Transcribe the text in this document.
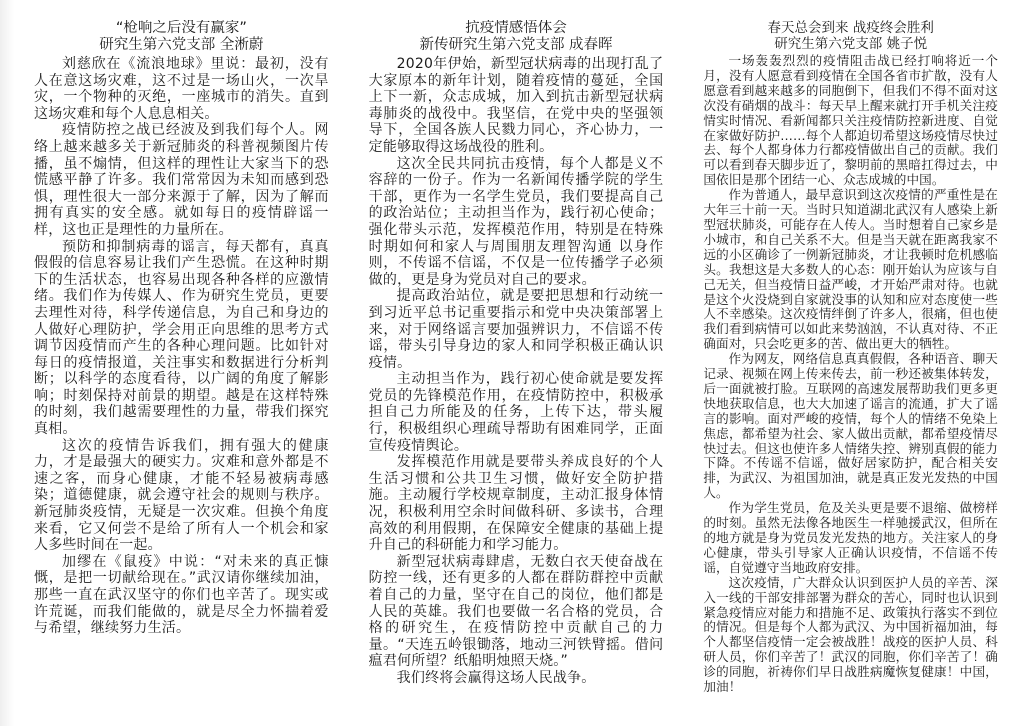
“枪响之后没有赢家”
研究生第六党支部 全淅蔚

刘慈欣在《流浪地球》里说：最初，没有人在意这场灾难，这不过是一场山火，一次旱灾，一个物种的灭绝，一座城市的消失。直到这场灾难和每个人息息相关。

疫情防控之战已经波及到我们每个人。网络上越来越多关于新冠肺炎的科普视频图片传播，虽不煽情，但这样的理性让大家当下的恐慌感平静了许多。我们常常因为未知而感到恐惧，理性很大一部分来源于了解，因为了解而拥有真实的安全感。就如每日的疫情辟谣一样，这也正是理性的力量所在。

预防和抑制病毒的谣言，每天都有，真真假假的信息容易让我们产生恐慌。在这种时期下的生活状态，也容易出现各种各样的应激情绪。我们作为传媒人、作为研究生党员，更要去理性对待，科学传递信息，为自己和身边的人做好心理防护，学会用正向思维的思考方式调节因疫情而产生的各种心理问题。比如针对每日的疫情报道，关注事实和数据进行分析判断；以科学的态度看待，以广阔的角度了解影响；时刻保持对前景的期望。越是在这样特殊的时刻，我们越需要理性的力量，带我们探究真相。

这次的疫情告诉我们，拥有强大的健康力，才是最强大的硬实力。灾难和意外都是不速之客，而身心健康，才能不轻易被病毒感染；道德健康，就会遵守社会的规则与秩序。新冠肺炎疫情，无疑是一次灾难。但换个角度来看，它又何尝不是给了所有人一个机会和家人多些时间在一起。

加缪在《鼠疫》中说：“对未来的真正慷慨，是把一切献给现在。”武汉请你继续加油，那些一直在武汉坚守的你们也辛苦了。现实或许荒诞，而我们能做的，就是尽全力怀揣着爱与希望，继续努力生活。

抗疫情感悟体会
新传研究生第六党支部 成春晖

2020年伊始，新型冠状病毒的出现打乱了大家原本的新年计划，随着疫情的蔓延，全国上下一新，众志成城，加入到抗击新型冠状病毒肺炎的战役中。我坚信，在党中央的坚强领导下，全国各族人民戮力同心，齐心协力，一定能够取得这场战役的胜利。

这次全民共同抗击疫情，每个人都是义不容辞的一份子。作为一名新闻传播学院的学生干部，更作为一名学生党员，我们要提高自己的政治站位；主动担当作为，践行初心使命；强化带头示范，发挥模范作用，特别是在特殊时期如何和家人与周围朋友理智沟通 以身作则，不传谣不信谣，不仅是一位传播学子必须做的，更是身为党员对自己的要求。

提高政治站位，就是要把思想和行动统一到习近平总书记重要指示和党中央决策部署上来，对于网络谣言要加强辨识力，不信谣不传谣，带头引导身边的家人和同学积极正确认识疫情。

主动担当作为，践行初心使命就是要发挥党员的先锋模范作用，在疫情防控中，积极承担自己力所能及的任务，上传下达，带头履行，积极组织心理疏导帮助有困难同学，正面宣传疫情舆论。

发挥模范作用就是要带头养成良好的个人生活习惯和公共卫生习惯，做好安全防护措施。主动履行学校规章制度，主动汇报身体情况，积极利用空余时间做科研、多读书，合理高效的利用假期，在保障安全健康的基础上提升自己的科研能力和学习能力。

新型冠状病毒肆虐，无数白衣天使奋战在防控一线，还有更多的人都在群防群控中贡献着自己的力量，坚守在自己的岗位，他们都是人民的英雄。我们也要做一名合格的党员，合格的研究生，在疫情防控中贡献自己的力量。“天连五岭银锄落，地动三河铁臂摇。借问瘟君何所望？纸船明烛照天烧。”

我们终将会赢得这场人民战争。

春天总会到来 战疫终会胜利
研究生第六党支部 姚子悦

一场轰轰烈烈的疫情阻击战已经打响将近一个月，没有人愿意看到疫情在全国各省市扩散，没有人愿意看到越来越多的同胞倒下，但我们不得不面对这次没有硝烟的战斗：每天早上醒来就打开手机关注疫情实时情况、看新闻都只关注疫情防控新进度、自觉在家做好防护……每个人都迫切希望这场疫情尽快过去、每个人都身体力行都疫情做出自己的贡献。我们可以看到春天脚步近了，黎明前的黑暗扛得过去，中国依旧是那个团结一心、众志成城的中国。

作为普通人，最早意识到这次疫情的严重性是在大年三十前一天。当时只知道湖北武汉有人感染上新型冠状肺炎，可能存在人传人。当时想着自己家乡是小城市，和自己关系不大。但是当天就在距离我家不远的小区确诊了一例新冠肺炎，才让我顿时危机感临头。我想这是大多数人的心态：刚开始认为应该与自己无关，但当疫情日益严峻，才开始严肃对待。也就是这个火没烧到自家就没事的认知和应对态度使一些人不幸感染。这次疫情绊倒了许多人，很痛，但也使我们看到病情可以如此来势汹汹，不认真对待、不正确面对，只会吃更多的苦、做出更大的牺牲。

作为网友，网络信息真真假假，各种语音、聊天记录、视频在网上传来传去，前一秒还被集体转发，后一面就被打脸。互联网的高速发展帮助我们更多更快地获取信息，也大大加速了谣言的流通，扩大了谣言的影响。面对严峻的疫情，每个人的情绪不免染上焦虑，都希望为社会、家人做出贡献，都希望疫情尽快过去。但这也使许多人情绪失控、辨别真假的能力下降。不传谣不信谣，做好居家防护，配合相关安排，为武汉、为祖国加油，就是真正发光发热的中国人。

作为学生党员，危及关头更是要不退缩、做榜样的时刻。虽然无法像各地医生一样驰援武汉，但所在的地方就是身为党员发光发热的地方。关注家人的身心健康，带头引导家人正确认识疫情，不信谣不传谣，自觉遵守当地政府安排。

这次疫情，广大群众认识到医护人员的辛苦、深入一线的干部安排部署为群众的苦心，同时也认识到紧急疫情应对能力和措施不足、政策执行落实不到位的情况。但是每个人都为武汉、为中国祈福加油，每个人都坚信疫情一定会被战胜！战疫的医护人员、科研人员，你们辛苦了！武汉的同胞，你们辛苦了！确诊的同胞，祈祷你们早日战胜病魔恢复健康！中国，加油！
